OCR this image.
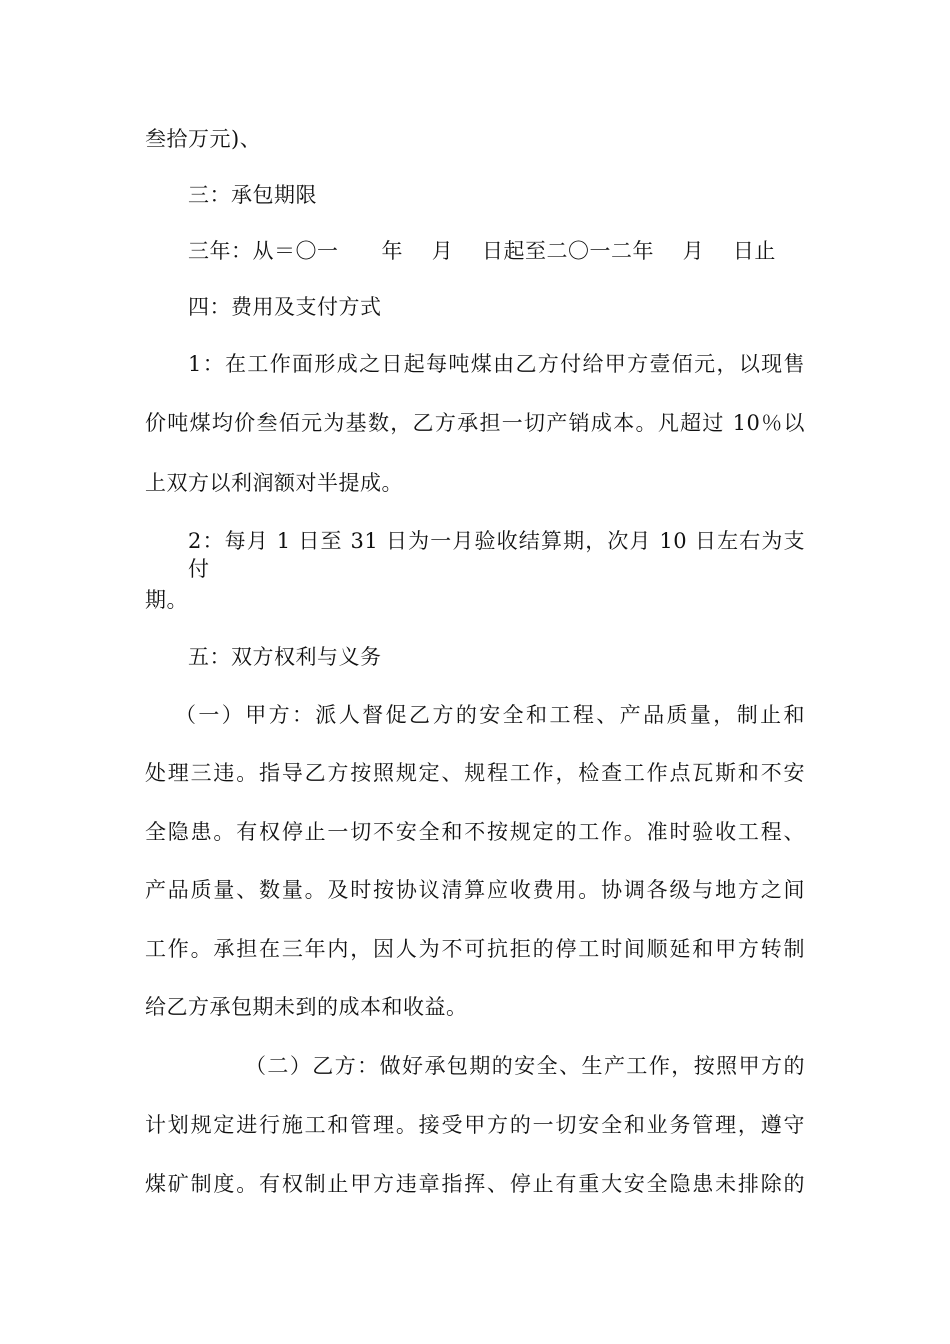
叁拾万元)、
三：承包期限
三年：从＝〇一      年    月    日起至二〇一二年    月    日止
四：费用及支付方式
1：在工作面形成之日起每吨煤由乙方付给甲方壹佰元，以现售
价吨煤均价叁佰元为基数，乙方承担一切产销成本。凡超过 10％以
上双方以利润额对半提成。
2：每月 1 日至 31 日为一月验收结算期，次月 10 日左右为支付
期。
五：双方权利与义务
（一）甲方：派人督促乙方的安全和工程、产品质量，制止和
处理三违。指导乙方按照规定、规程工作，检查工作点瓦斯和不安
全隐患。有权停止一切不安全和不按规定的工作。准时验收工程、
产品质量、数量。及时按协议清算应收费用。协调各级与地方之间
工作。承担在三年内，因人为不可抗拒的停工时间顺延和甲方转制
给乙方承包期未到的成本和收益。
（二）乙方：做好承包期的安全、生产工作，按照甲方的
计划规定进行施工和管理。接受甲方的一切安全和业务管理，遵守
煤矿制度。有权制止甲方违章指挥、停止有重大安全隐患未排除的
